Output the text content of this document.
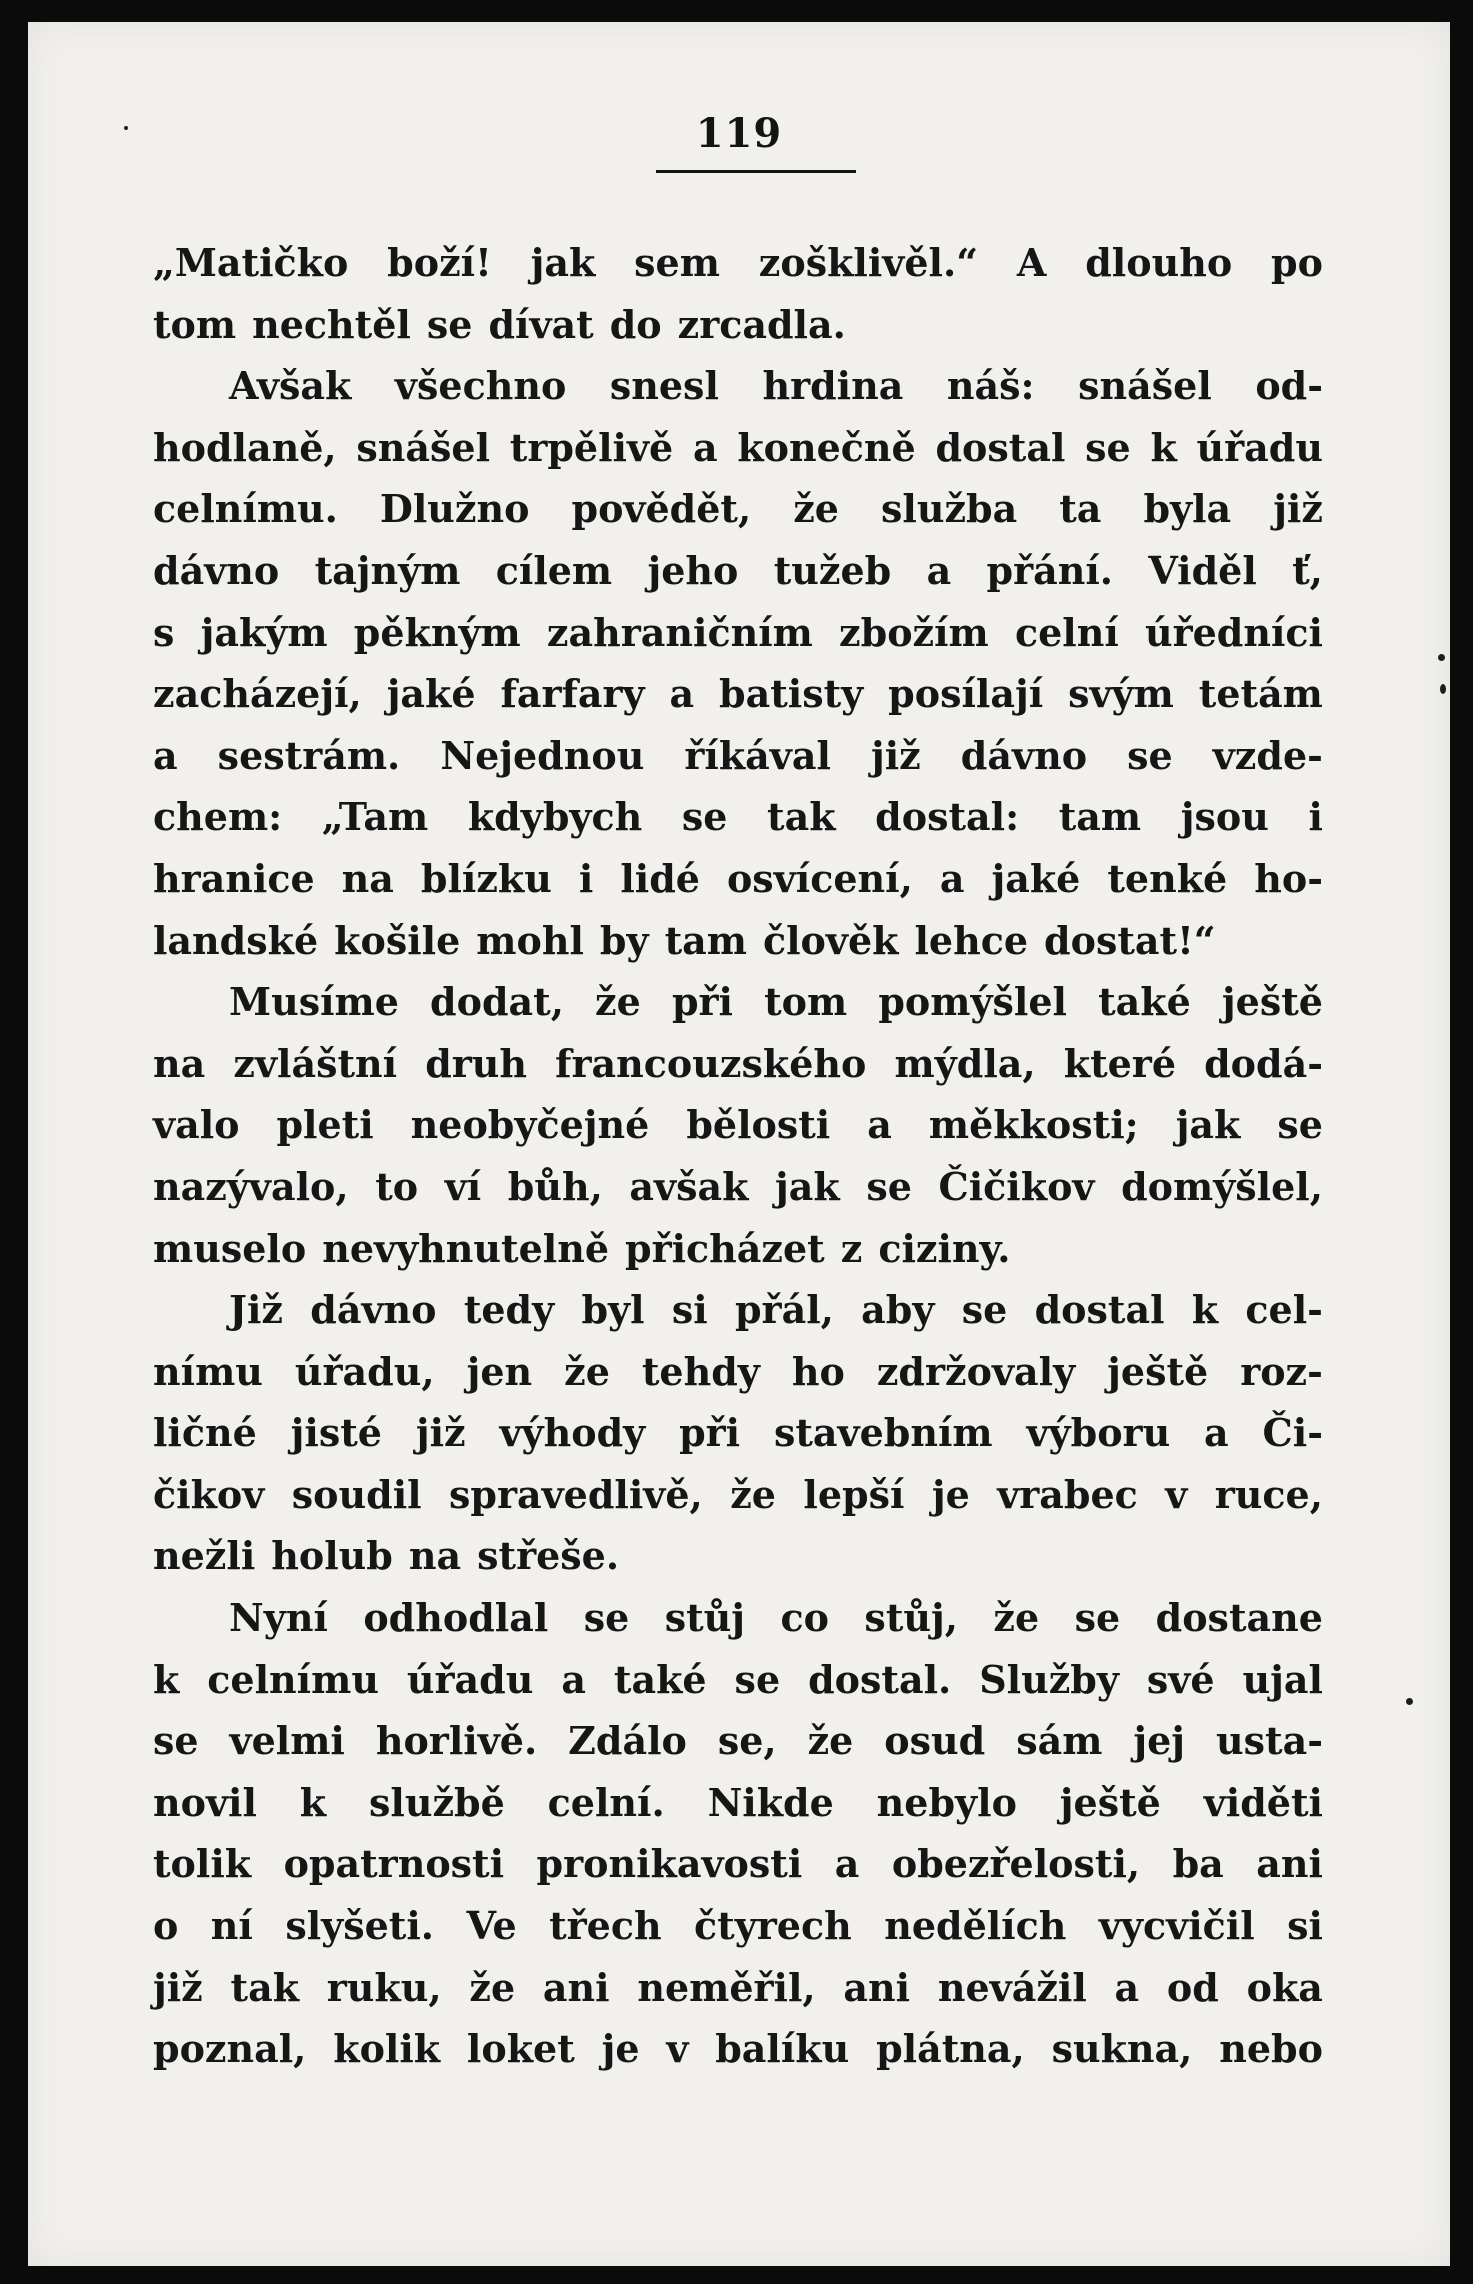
119
„Matičko boží! jak sem zošklivěl.“ A dlouho po
tom nechtěl se dívat do zrcadla.
Avšak všechno snesl hrdina náš: snášel od-
hodlaně, snášel trpělivě a konečně dostal se k úřadu
celnímu. Dlužno povědět, že služba ta byla již
dávno tajným cílem jeho tužeb a přání. Viděl ť,
s jakým pěkným zahraničním zbožím celní úředníci
zacházejí, jaké farfary a batisty posílají svým tetám
a sestrám. Nejednou říkával již dávno se vzde-
chem: „Tam kdybych se tak dostal: tam jsou i
hranice na blízku i lidé osvícení, a jaké tenké ho-
landské košile mohl by tam člověk lehce dostat!“
Musíme dodat, že při tom pomýšlel také ještě
na zvláštní druh francouzského mýdla, které dodá-
valo pleti neobyčejné bělosti a měkkosti; jak se
nazývalo, to ví bůh, avšak jak se Čičikov domýšlel,
muselo nevyhnutelně přicházet z ciziny.
Již dávno tedy byl si přál, aby se dostal k cel-
nímu úřadu, jen že tehdy ho zdržovaly ještě roz-
ličné jisté již výhody při stavebním výboru a Či-
čikov soudil spravedlivě, že lepší je vrabec v ruce,
nežli holub na střeše.
Nyní odhodlal se stůj co stůj, že se dostane
k celnímu úřadu a také se dostal. Služby své ujal
se velmi horlivě. Zdálo se, že osud sám jej usta-
novil k službě celní. Nikde nebylo ještě viděti
tolik opatrnosti pronikavosti a obezřelosti, ba ani
o ní slyšeti. Ve třech čtyrech nedělích vycvičil si
již tak ruku, že ani neměřil, ani nevážil a od oka
poznal, kolik loket je v balíku plátna, sukna, nebo
